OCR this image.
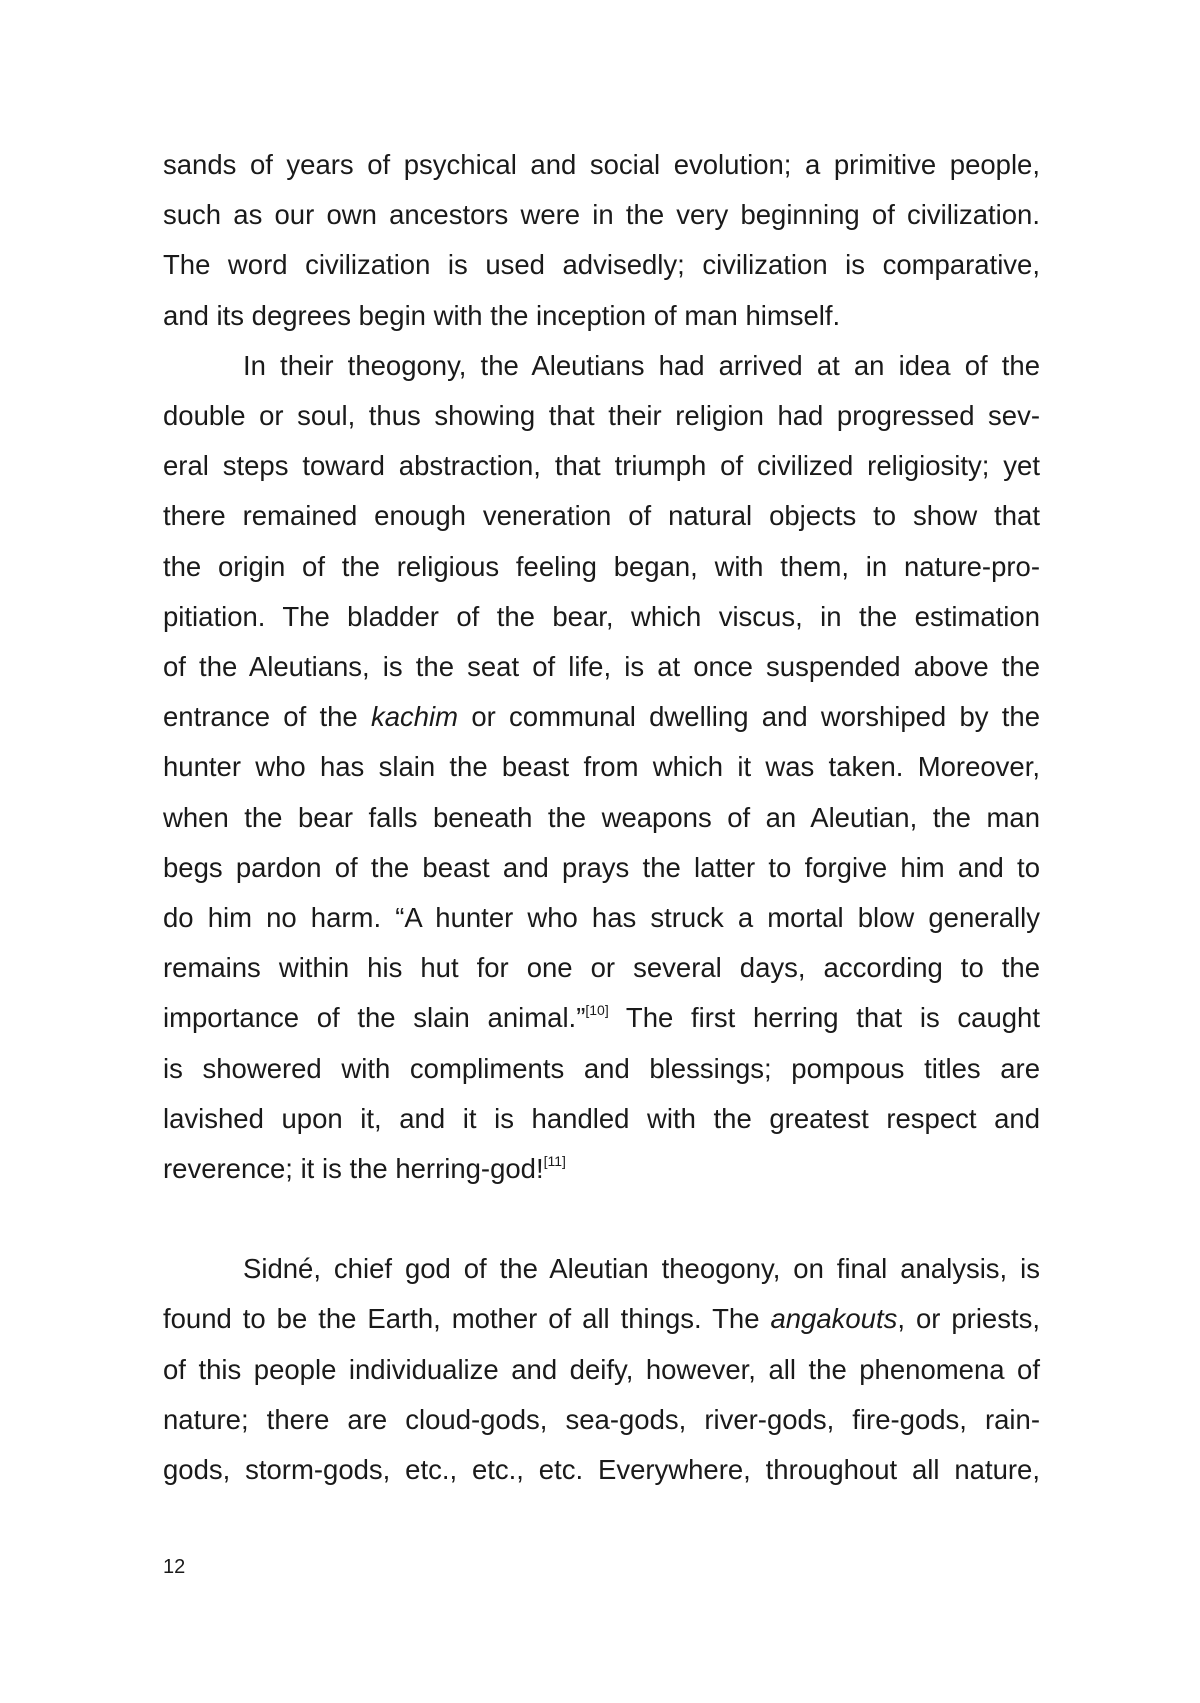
sands of years of psychical and social evolution; a primitive people,
such as our own ancestors were in the very beginning of civilization.
The word civilization is used advisedly; civilization is comparative,
and its degrees begin with the inception of man himself.
In their theogony, the Aleutians had arrived at an idea of the
double or soul, thus showing that their religion had progressed sev-
eral steps toward abstraction, that triumph of civilized religiosity; yet
there remained enough veneration of natural objects to show that
the origin of the religious feeling began, with them, in nature-pro-
pitiation. The bladder of the bear, which viscus, in the estimation
of the Aleutians, is the seat of life, is at once suspended above the
entrance of the kachim or communal dwelling and worshiped by the
hunter who has slain the beast from which it was taken. Moreover,
when the bear falls beneath the weapons of an Aleutian, the man
begs pardon of the beast and prays the latter to forgive him and to
do him no harm. “A hunter who has struck a mortal blow generally
remains within his hut for one or several days, according to the
importance of the slain animal.”[10] The first herring that is caught
is showered with compliments and blessings; pompous titles are
lavished upon it, and it is handled with the greatest respect and
reverence; it is the herring-god![11]
Sidné, chief god of the Aleutian theogony, on final analysis, is
found to be the Earth, mother of all things. The angakouts, or priests,
of this people individualize and deify, however, all the phenomena of
nature; there are cloud-gods, sea-gods, river-gods, fire-gods, rain-
gods, storm-gods, etc., etc., etc. Everywhere, throughout all nature,
12
